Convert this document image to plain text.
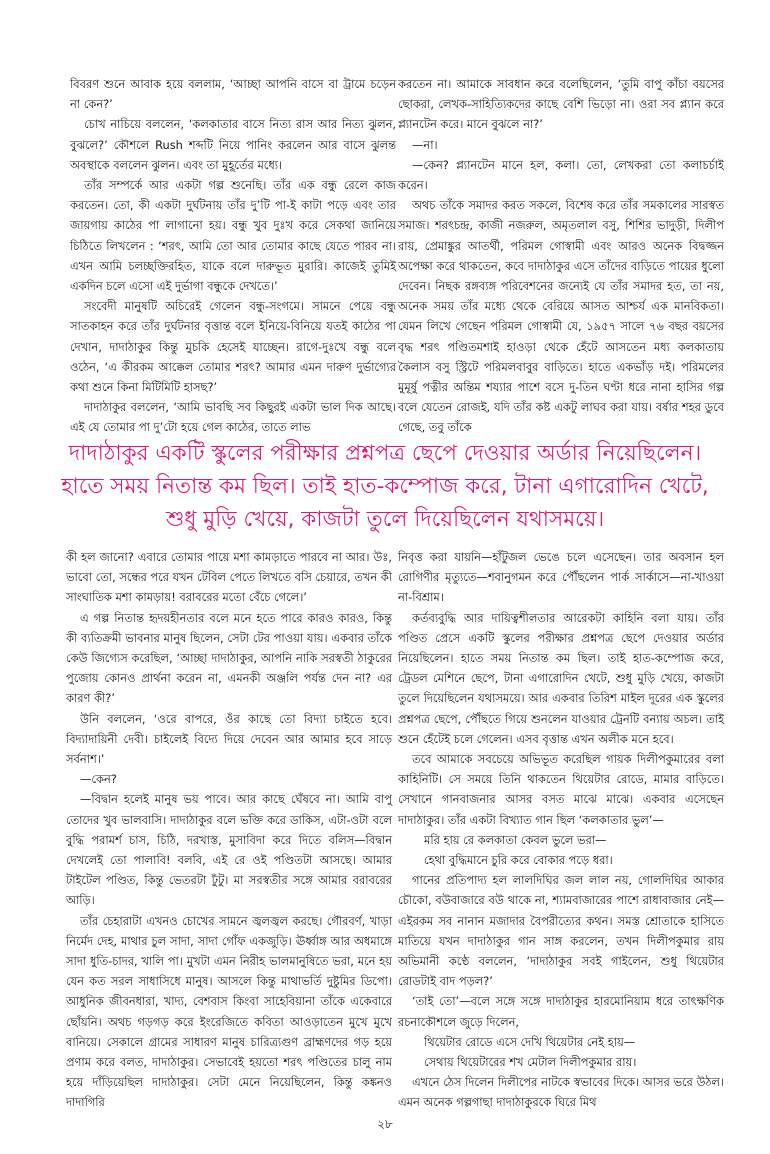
বিবরণ শুনে আবাক হয়ে বললাম, ‘আচ্ছা আপনি বাসে বা ট্রামে চড়েন না কেন?’

চোখ নাচিয়ে বললেন, ‘কলকাতার বাসে নিত্য রাস আর নিত্য ঝুলন, বুঝলে?’ কৌশলে Rush শব্দটি নিয়ে পানিং করলেন আর বাসে ঝুলন্ত অবস্থাকে বললেন ঝুলন। এবং তা মুহূর্তের মধ্যে।

তাঁর সম্পর্কে আর একটা গল্প শুনেছি। তাঁর এক বন্ধু রেলে কাজ করতেন। তো, কী একটা দুর্ঘটনায় তাঁর দু’টি পা-ই কাটা পড়ে এবং তার জায়গায় কাঠের পা লাগানো হয়। বন্ধু খুব দুঃখ করে সেকথা জানিয়ে চিঠিতে লিখলেন : ‘শরৎ, আমি তো আর তোমার কাছে যেতে পারব না। এখন আমি চলচ্ছক্তিরহিত, যাকে বলে দারুভূত মুরারি। কাজেই তুমিই একদিন চলে এসো এই দুর্ভাগা বন্ধুকে দেখতে।’

সংবেদী মানুষটি অচিরেই গেলেন বন্ধু-সংগমে। সামনে পেয়ে বন্ধু সাতকাহন করে তাঁর দুর্ঘটনার বৃত্তান্ত বলে ইনিয়ে-বিনিয়ে যতই কাঠের পা দেখান, দাদাঠাকুর কিন্তু মুচকি হেসেই যাচ্ছেন। রাগে-দুঃখে বন্ধু বলে ওঠেন, ‘এ কীরকম আক্কেল তোমার শরৎ? আমার এমন দারুণ দুর্ভাগ্যের কথা শুনে কিনা মিটিমিটি হাসছ?’

দাদাঠাকুর বললেন, ‘আমি ভাবছি সব কিছুরই একটা ভাল দিক আছে। এই যে তোমার পা দু’টো হয়ে গেল কাঠের, তাতে লাভ

করতেন না। আমাকে সাবধান করে বলেছিলেন, ‘তুমি বাপু কাঁচা বয়সের ছোকরা, লেখক-সাহিত্যিকদের কাছে বেশি ভিড়ো না। ওরা সব প্ল্যান করে প্ল্যানটেন করে। মানে বুঝলে না?’

—না।

—কেন? প্ল্যানটেন মানে হল, কলা। তো, লেখকরা তো কলাচর্চাই করেন।

অথচ তাঁকে সমাদর করত সকলে, বিশেষ করে তাঁর সমকালের সারস্বত সমাজ। শরৎচন্দ্র, কাজী নজরুল, অমৃতলাল বসু, শিশির ভাদুড়ী, দিলীপ রায়, প্রেমাঙ্কুর আতর্থী, পরিমল গোস্বামী এবং আরও অনেক বিদ্বজ্জন অপেক্ষা করে থাকতেন, কবে দাদাঠাকুর এসে তাঁদের বাড়িতে পায়ের ধুলো দেবেন। নিছক রঙ্গব্যঙ্গ পরিবেশনের জন্যেই যে তাঁর সমাদর হত, তা নয়, অনেক সময় তাঁর মধ্যে থেকে বেরিয়ে আসত আশ্চর্য এক মানবিকতা। যেমন লিখে গেছেন পরিমল গোস্বামী যে, ১৯৫৭ সালে ৭৬ বছর বয়সের বৃদ্ধ শরৎ পণ্ডিতমশাই হাওড়া থেকে হেঁটে আসতেন মধ্য কলকাতায় কৈলাস বসু স্ট্রিটে পরিমলবাবুর বাড়িতে। হাতে একভাঁড় দই। পরিমলের মুমূর্ষু পত্নীর অন্তিম শয্যার পাশে বসে দু-তিন ঘণ্টা ধরে নানা হাসির গল্প বলে যেতেন রোজই, যদি তাঁর কষ্ট একটু লাঘব করা যায়। বর্ষার শহর ডুবে গেছে, তবু তাঁকে

দাদাঠাকুর একটি স্কুলের পরীক্ষার প্রশ্নপত্র ছেপে দেওয়ার অর্ডার নিয়েছিলেন।

হাতে সময় নিতান্ত কম ছিল। তাই হাত-কম্পোজ করে, টানা এগারোদিন খেটে,

শুধু মুড়ি খেয়ে, কাজটা তুলে দিয়েছিলেন যথাসময়ে।

কী হল জানো? এবারে তোমার পায়ে মশা কামড়াতে পারবে না আর। উঃ, ভাবো তো, সন্ধের পরে যখন টেবিল পেতে লিখতে বসি চেয়ারে, তখন কী সাংঘাতিক মশা কামড়ায়! বরাবরের মতো বেঁচে গেলে।’

এ গল্প নিতান্ত হৃদয়হীনতার বলে মনে হতে পারে কারও কারও, কিন্তু কী ব্যতিক্রমী ভাবনার মানুষ ছিলেন, সেটা টের পাওয়া যায়। একবার তাঁকে কেউ জিগ্যেস করেছিল, ‘আচ্ছা দাদাঠাকুর, আপনি নাকি সরস্বতী ঠাকুরের পুজোয় কোনও প্রার্থনা করেন না, এমনকী অঞ্জলি পর্যন্ত দেন না? এর কারণ কী?’

উনি বললেন, ‘ওরে বাপরে, ওঁর কাছে তো বিদ্যা চাইতে হবে। বিদ্যাদায়িনী দেবী। চাইলেই বিদ্যে দিয়ে দেবেন আর আমার হবে সাড়ে সর্বনাশ।’

—কেন?

—বিদ্বান হলেই মানুষ ভয় পাবে। আর কাছে ঘেঁষবে না। আমি বাপু তোদের খুব ভালবাসি। দাদাঠাকুর বলে ভক্তি করে ডাকিস, এটা-ওটা বলে বুদ্ধি পরামর্শ চাস, চিঠি, দরখাস্ত, মুসাবিদা করে দিতে বলিস—বিদ্বান দেখলেই তো পালাবি! বলবি, এই রে ওই পণ্ডিতটা আসছে। আমার টাইটেল পণ্ডিত, কিন্তু ভেতরটা ঢুঁটু। মা সরস্বতীর সঙ্গে আমার বরাবরের আড়ি।

তাঁর চেহারাটা এখনও চোখের সামনে জ্বলজ্বল করছে। গৌরবর্ণ, খাড়া নির্মেদ দেহ, মাথার চুল সাদা, সাদা গোঁফ একজুড়ি। ঊর্ধ্বাঙ্গ আর অধমাঙ্গে সাদা ধুতি-চাদর, খালি পা। মুখটা এমন নিরীহ ভালমানুষিতে ভরা, মনে হয় যেন কত সরল সাধাসিধে মানুষ। আসলে কিন্তু মাথাভর্তি দুষ্টুমির ডিপো। আধুনিক জীবনধারা, খাদ্য, বেশবাস কিংবা সাহেবিয়ানা তাঁকে একেবারে ছোঁয়নি। অথচ গড়গড় করে ইংরেজিতে কবিতা আওড়াতেন মুখে মুখে বানিয়ে। সেকালে গ্রামের সাধারণ মানুষ চারিত্র্যগুণ ব্রাহ্মণদের গড় হয়ে প্রণাম করে বলত, দাদাঠাকুর। সেভাবেই হয়তো শরৎ পণ্ডিতের চালু নাম হয়ে দাঁড়িয়েছিল দাদাঠাকুর। সেটা মেনে নিয়েছিলেন, কিন্তু কঙ্কনও দাদাগিরি

নিবৃত্ত করা যায়নি—হাঁটুজল ভেঙে চলে এসেছেন। তার অবসান হল রোগিণীর মৃত্যুতে—শবানুগমন করে পৌঁছলেন পার্ক সার্কাসে—না-খাওয়া না-বিশ্রাম।

কর্তব্যবুদ্ধি আর দায়িত্বশীলতার আরেকটা কাহিনি বলা যায়। তাঁর পণ্ডিত প্রেসে একটি স্কুলের পরীক্ষার প্রশ্নপত্র ছেপে দেওয়ার অর্ডার নিয়েছিলেন। হাতে সময় নিতান্ত কম ছিল। তাই হাত-কম্পোজ করে, ট্রেডল মেশিনে ছেপে, টানা এগারোদিন খেটে, শুধু মুড়ি খেয়ে, কাজটা তুলে দিয়েছিলেন যথাসময়ে। আর একবার তিরিশ মাইল দূরের এক স্কুলের প্রশ্নপত্র ছেপে, পৌঁছতে গিয়ে শুনলেন যাওয়ার ট্রেনটি বন্যায় অচল। তাই শুনে হেঁটেই চলে গেলেন। এসব বৃত্তান্ত এখন অলীক মনে হবে।

তবে আমাকে সবচেয়ে অভিভূত করেছিল গায়ক দিলীপকুমারের বলা কাহিনিটি। সে সময়ে তিনি থাকতেন থিয়েটার রোডে, মামার বাড়িতে। সেখানে গানবাজনার আসর বসত মাঝে মাঝে। একবার এসেছেন দাদাঠাকুর। তাঁর একটা বিখ্যাত গান ছিল ‘কলকাতার ভুল’—

মরি হায় রে কলকাতা কেবল ভুলে ভরা—

হেথা বুদ্ধিমানে চুরি করে বোকার পড়ে ধরা।

গানের প্রতিপাদ্য হল লালদিঘির জল লাল নয়, গোলদিঘির আকার চৌকো, বউবাজারে বউ থাকে না, শ্যামবাজারের পাশে রাধাবাজার নেই—এইরকম সব নানান মজাদার বৈপরীত্যের কথন। সমস্ত শ্রোতাকে হাসিতে মাতিয়ে যখন দাদাঠাকুর গান সাঙ্গ করলেন, তখন দিলীপকুমার রায় অভিমানী কণ্ঠে বললেন, ‘দাদাঠাকুর সবই গাইলেন, শুধু থিয়েটার রোডটাই বাদ পড়ল?’

‘তাই তো’—বলে সঙ্গে সঙ্গে দাদাঠাকুর হারমোনিয়াম ধরে তাৎক্ষণিক রচনাকৌশলে জুড়ে দিলেন,

থিয়েটার রোডে এসে দেখি থিয়েটার নেই হায়—

সেথায় থিয়েটারের শখ মেটাল দিলীপকুমার রায়।

এখনে ঠেস দিলেন দিলীপের নাটকে স্বভাবের দিকে। আসর ভরে উঠল। এমন অনেক গল্পগাছা দাদাঠাকুরকে ঘিরে মিথ

২৮
